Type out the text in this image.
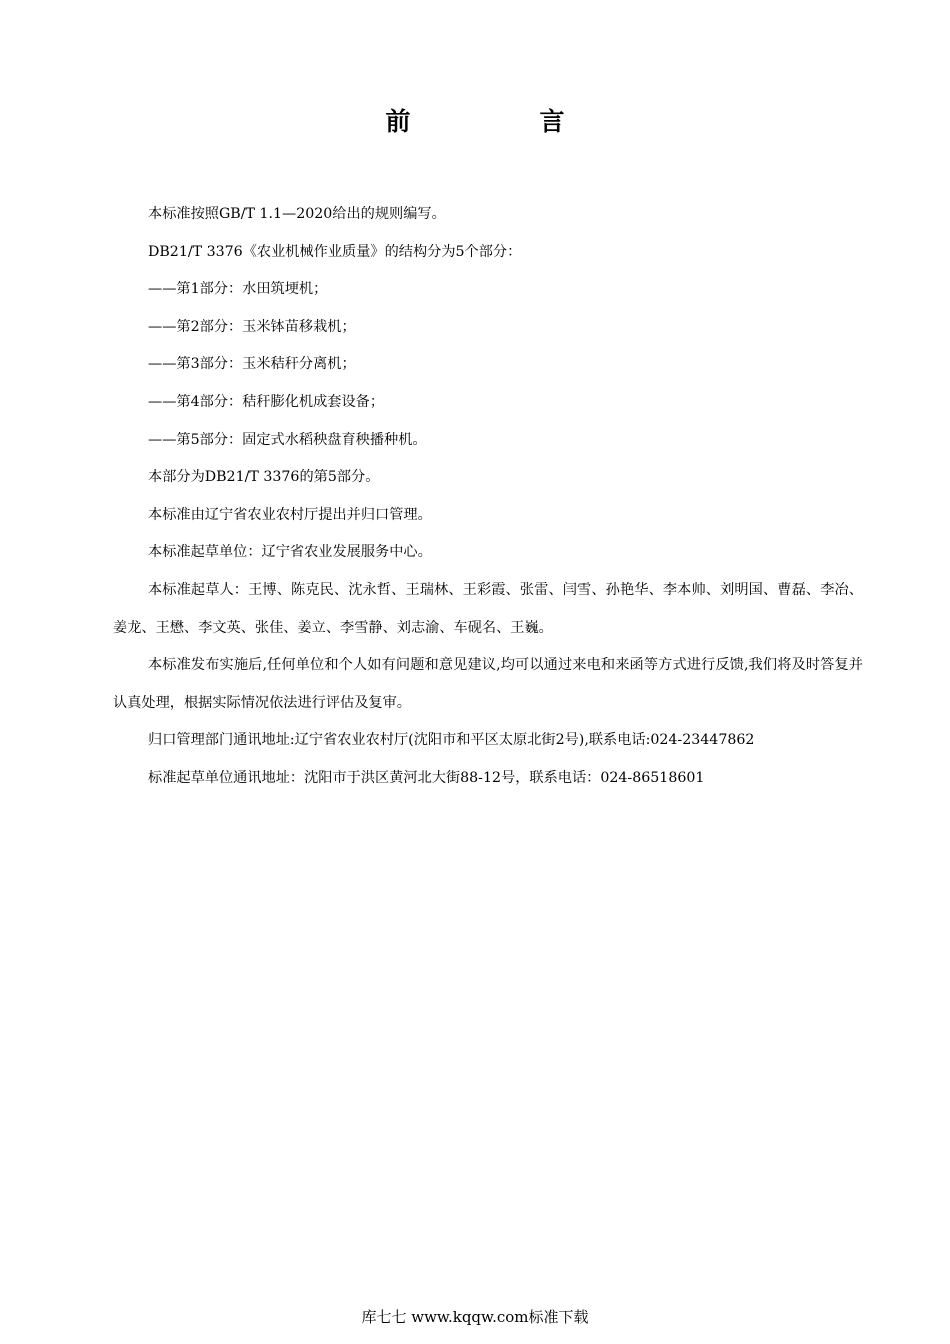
前　言

本标准按照GB/T 1.1—2020给出的规则编写。

DB21/T 3376《农业机械作业质量》的结构分为5个部分：

——第1部分：水田筑埂机；

——第2部分：玉米钵苗移栽机；

——第3部分：玉米秸秆分离机；

——第4部分：秸秆膨化机成套设备；

——第5部分：固定式水稻秧盘育秧播种机。

本部分为DB21/T 3376的第5部分。

本标准由辽宁省农业农村厅提出并归口管理。

本标准起草单位：辽宁省农业发展服务中心。

本标准起草人：王博、陈克民、沈永哲、王瑞林、王彩霞、张雷、闫雪、孙艳华、李本帅、刘明国、曹磊、李冶、姜龙、王懋、李文英、张佳、姜立、李雪静、刘志渝、车砚名、王巍。

本标准发布实施后,任何单位和个人如有问题和意见建议,均可以通过来电和来函等方式进行反馈,我们将及时答复并认真处理，根据实际情况依法进行评估及复审。

归口管理部门通讯地址:辽宁省农业农村厅(沈阳市和平区太原北街2号),联系电话:024-23447862

标准起草单位通讯地址：沈阳市于洪区黄河北大街88-12号，联系电话：024-86518601

库七七 www.kqqw.com标准下载
